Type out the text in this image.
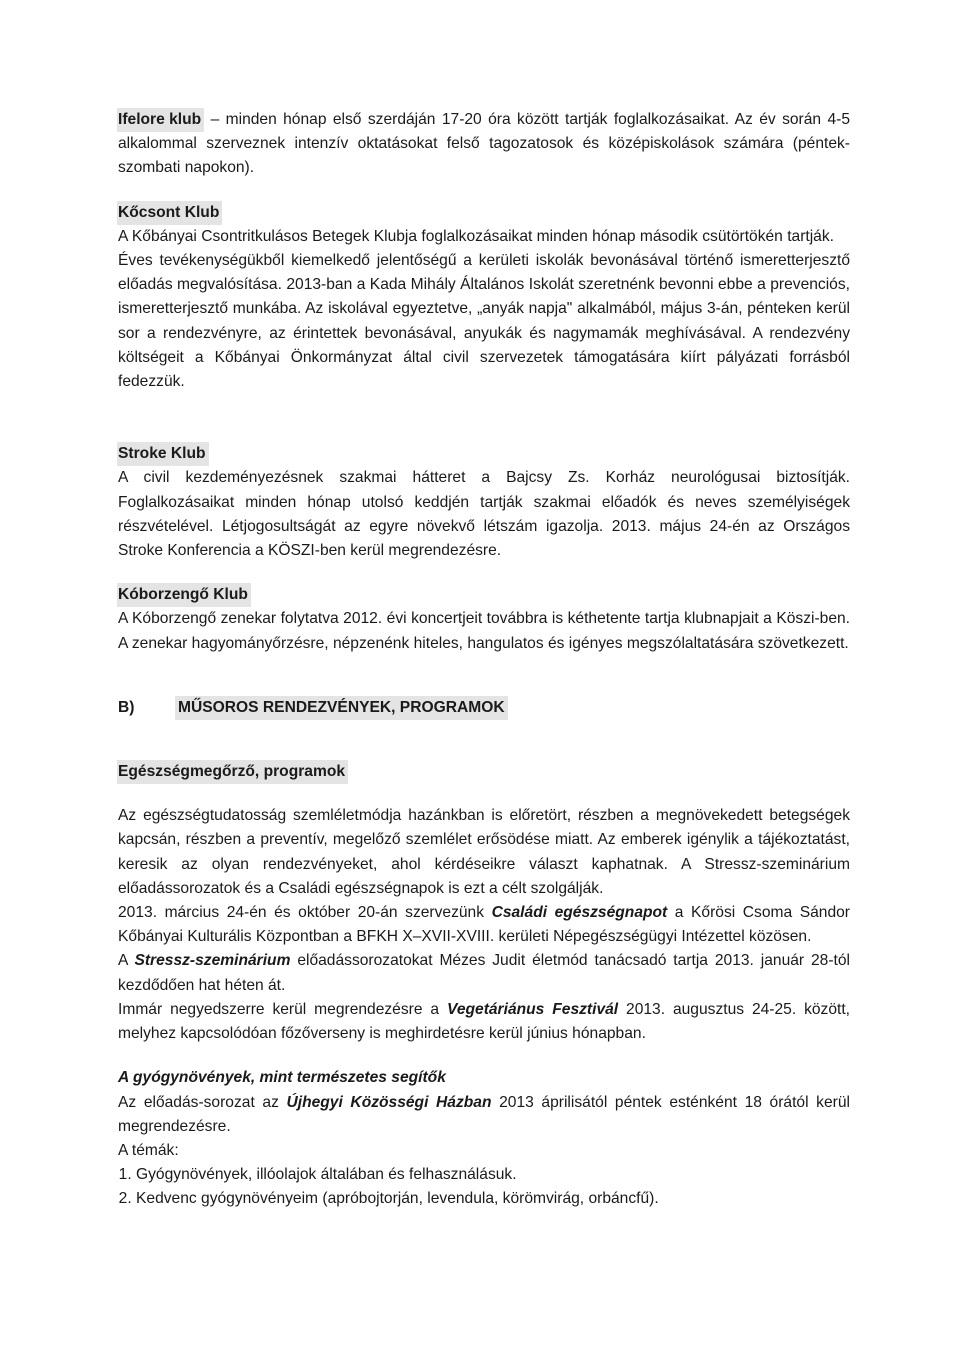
Ifelore klub – minden hónap első szerdáján 17-20 óra között tartják foglalkozásaikat. Az év során 4-5 alkalommal szerveznek intenzív oktatásokat felső tagozatosok és középiskolások számára (péntek-szombati napokon).

Kőcsont Klub

A Kőbányai Csontritkulásos Betegek Klubja foglalkozásaikat minden hónap második csütörtökén tartják.

Éves tevékenységükből kiemelkedő jelentőségű a kerületi iskolák bevonásával történő ismeretterjesztő előadás megvalósítása. 2013-ban a Kada Mihály Általános Iskolát szeretnénk bevonni ebbe a prevenciós, ismeretterjesztő munkába. Az iskolával egyeztetve, „anyák napja" alkalmából, május 3-án, pénteken kerül sor a rendezvényre, az érintettek bevonásával, anyukák és nagymamák meghívásával. A rendezvény költségeit a Kőbányai Önkormányzat által civil szervezetek támogatására kiírt pályázati forrásból fedezzük.

Stroke Klub

A civil kezdeményezésnek szakmai hátteret a Bajcsy Zs. Korház neurológusai biztosítják. Foglalkozásaikat minden hónap utolsó keddjén tartják szakmai előadók és neves személyiségek részvételével. Létjogosultságát az egyre növekvő létszám igazolja. 2013. május 24-én az Országos Stroke Konferencia a KÖSZI-ben kerül megrendezésre.

Kóborzengő Klub

A Kóborzengő zenekar folytatva 2012. évi koncertjeit továbbra is kéthetente tartja klubnapjait a Köszi-ben. A zenekar hagyományőrzésre, népzenénk hiteles, hangulatos és igényes megszólaltatására szövetkezett.

B)	MŰSOROS RENDEZVÉNYEK, PROGRAMOK
Egészségmegőrző, programok

Az egészségtudatosság szemléletmódja hazánkban is előretört, részben a megnövekedett betegségek kapcsán, részben a preventív, megelőző szemlélet erősödése miatt. Az emberek igénylik a tájékoztatást, keresik az olyan rendezvényeket, ahol kérdéseikre választ kaphatnak. A Stressz-szeminárium előadássorozatok és a Családi egészségnapok is ezt a célt szolgálják.

2013. március 24-én és október 20-án szervezünk Családi egészségnapot a Kőrösi Csoma Sándor Kőbányai Kulturális Központban a BFKH X–XVII-XVIII. kerületi Népegészségügyi Intézettel közösen.

A Stressz-szeminárium előadássorozatokat Mézes Judit életmód tanácsadó tartja 2013. január 28-tól kezdődően hat héten át.

Immár negyedszerre kerül megrendezésre a Vegetáriánus Fesztivál 2013. augusztus 24-25. között, melyhez kapcsolódóan főzőverseny is meghirdetésre kerül június hónapban.

A gyógynövények, mint természetes segítők

Az előadás-sorozat az Újhegyi Közösségi Házban 2013 áprilisától péntek esténként 18 órától kerül megrendezésre.

A témák:

1. Gyógynövények, illóolajok általában és felhasználásuk.
2. Kedvenc gyógynövényeim (apróbojtorján, levendula, körömvirág, orbáncfű).
